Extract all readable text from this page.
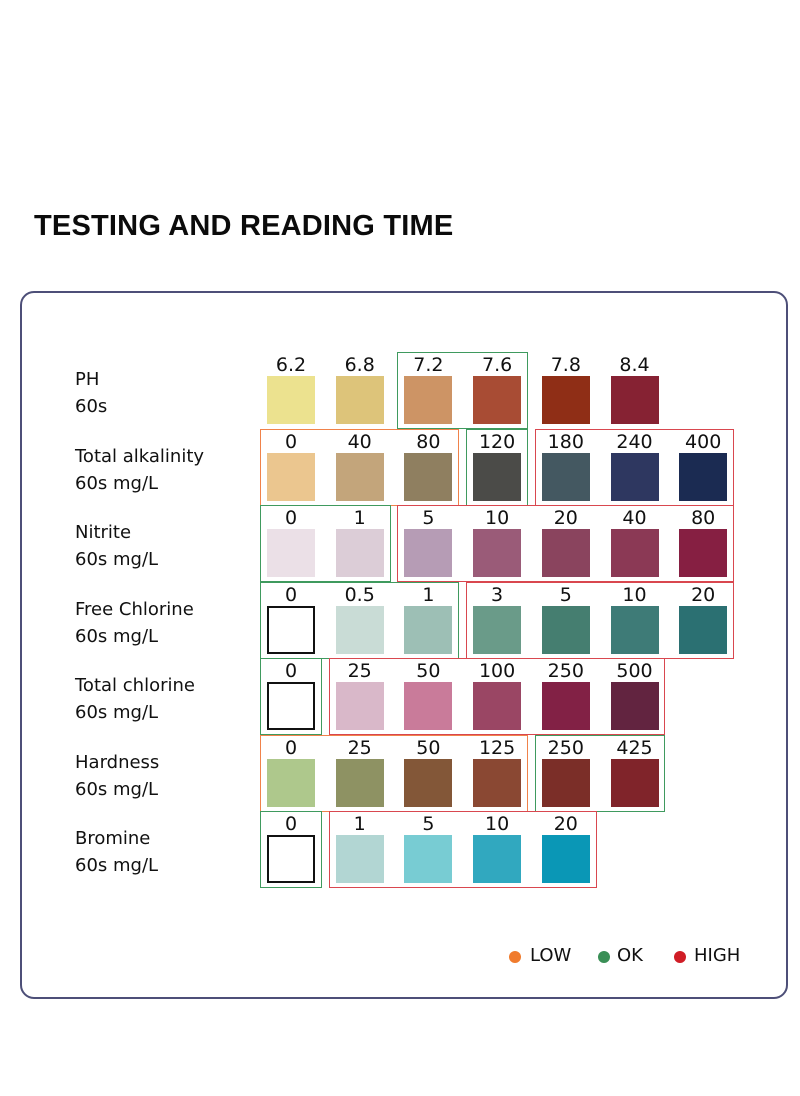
TESTING AND READING TIME
PH
60s
6.2	6.8	7.2	7.6	7.8	8.4
Total alkalinity
60s mg/L
0	40	80	120	180	240	400
Nitrite
60s mg/L
0	1	5	10	20	40	80
Free Chlorine
60s mg/L
0	0.5	1	3	5	10	20
Total chlorine
60s mg/L
0	25	50	100	250	500
Hardness
60s mg/L
0	25	50	125	250	425
Bromine
60s mg/L
0	1	5	10	20
LOW	OK	HIGH
